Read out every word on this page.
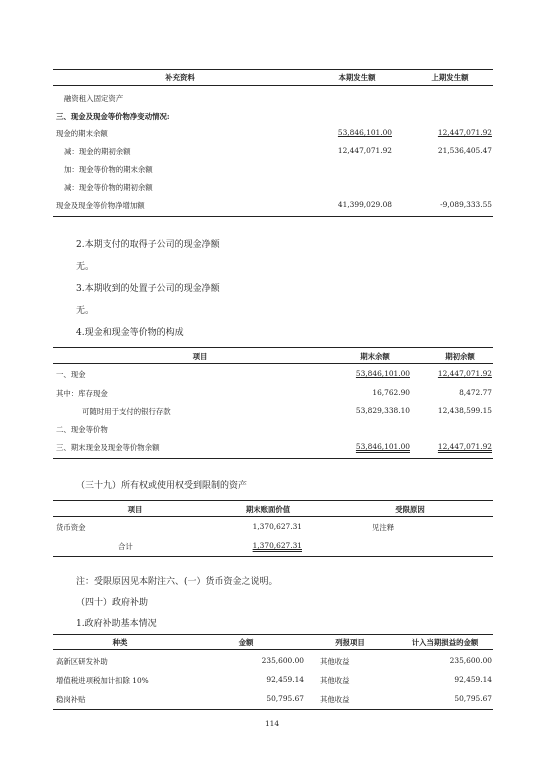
补充资料	本期发生额	上期发生额
融资租入固定资产
三、现金及现金等价物净变动情况:
现金的期末余额	53,846,101.00	12,447,071.92
减：现金的期初余额	12,447,071.92	21,536,405.47
加：现金等价物的期末余额
减：现金等价物的期初余额
现金及现金等价物净增加额	41,399,029.08	-9,089,333.55
2.本期支付的取得子公司的现金净额
无。
3.本期收到的处置子公司的现金净额
无。
4.现金和现金等价物的构成
项目	期末余额	期初余额
一、现金	53,846,101.00	12,447,071.92
其中：库存现金	16,762.90	8,472.77
可随时用于支付的银行存款	53,829,338.10	12,438,599.15
二、现金等价物
三、期末现金及现金等价物余额	53,846,101.00	12,447,071.92
（三十九）所有权或使用权受到限制的资产
项目	期末账面价值	受限原因
货币资金	1,370,627.31	见注释
合计	1,370,627.31
注：受限原因见本附注六、(一）货币资金之说明。
（四十）政府补助
1.政府补助基本情况
种类	金额	列报项目	计入当期损益的金额
高新区研发补助	235,600.00 其他收益	235,600.00
增值税进项税加计扣除 10%	92,459.14 其他收益	92,459.14
稳岗补贴	50,795.67 其他收益	50,795.67
114
